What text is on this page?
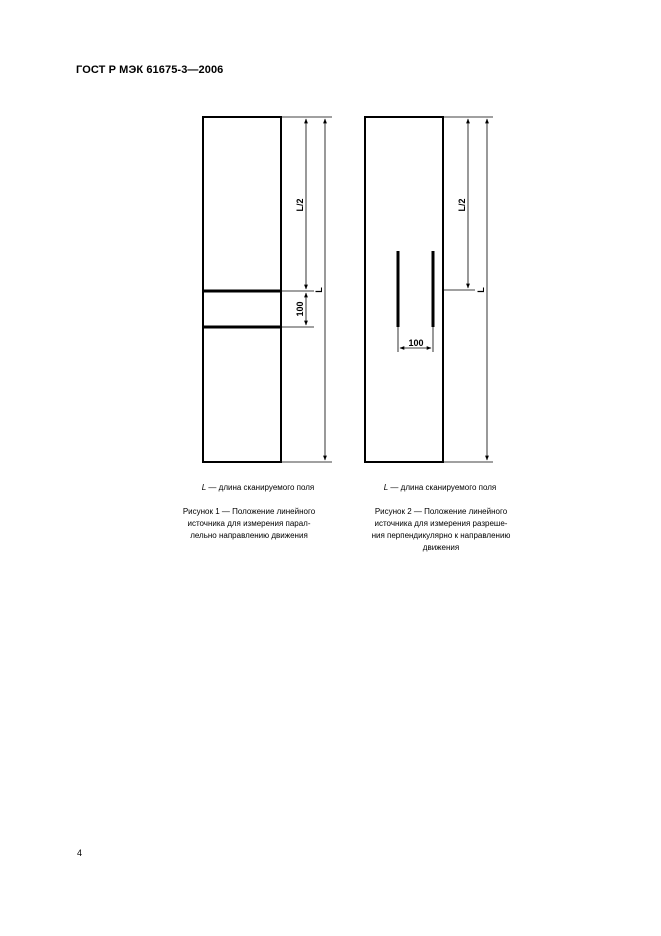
ГОСТ Р МЭК 61675-3—2006
L/2
100
L
100
L/2
L
L — длина сканируемого поля	L — длина сканируемого поля
Рисунок 1 — Положение линейного
источника для измерения парал-
лельно направлению движения
Рисунок 2 — Положение линейного
источника для измерения разреше-
ния перпендикулярно к направлению
движения
4
